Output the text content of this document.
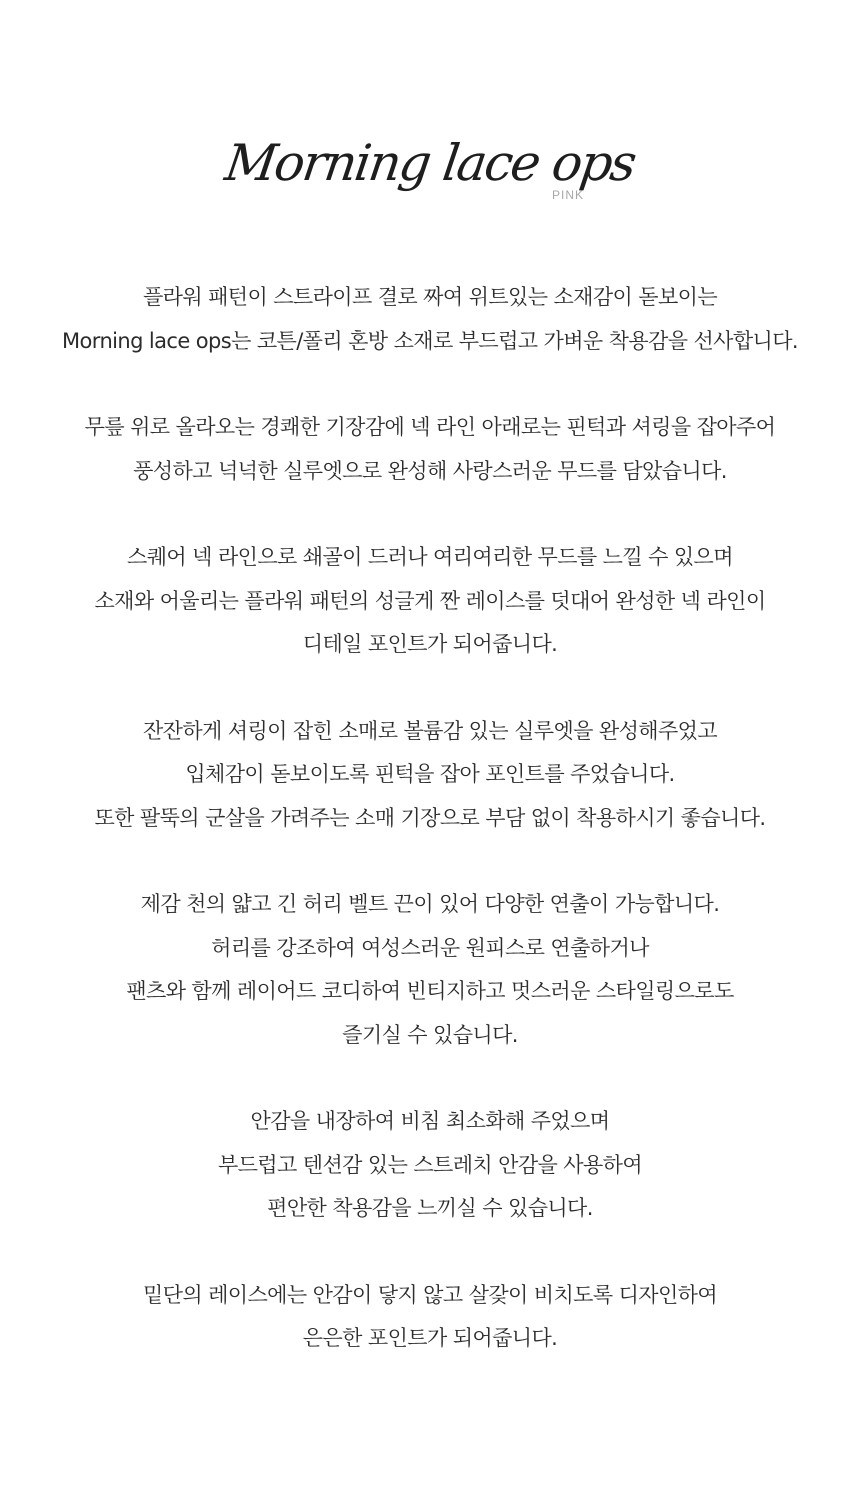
Morning lace ops
PINK
플라워 패턴이 스트라이프 결로 짜여 위트있는 소재감이 돋보이는
Morning lace ops는 코튼/폴리 혼방 소재로 부드럽고 가벼운 착용감을 선사합니다.
무릎 위로 올라오는 경쾌한 기장감에 넥 라인 아래로는 핀턱과 셔링을 잡아주어
풍성하고 넉넉한 실루엣으로 완성해 사랑스러운 무드를 담았습니다.
스퀘어 넥 라인으로 쇄골이 드러나 여리여리한 무드를 느낄 수 있으며
소재와 어울리는 플라워 패턴의 성글게 짠 레이스를 덧대어 완성한 넥 라인이
디테일 포인트가 되어줍니다.
잔잔하게 셔링이 잡힌 소매로 볼륨감 있는 실루엣을 완성해주었고
입체감이 돋보이도록 핀턱을 잡아 포인트를 주었습니다.
또한 팔뚝의 군살을 가려주는 소매 기장으로 부담 없이 착용하시기 좋습니다.
제감 천의 얇고 긴 허리 벨트 끈이 있어 다양한 연출이 가능합니다.
허리를 강조하여 여성스러운 원피스로 연출하거나
팬츠와 함께 레이어드 코디하여 빈티지하고 멋스러운 스타일링으로도
즐기실 수 있습니다.
안감을 내장하여 비침 최소화해 주었으며
부드럽고 텐션감 있는 스트레치 안감을 사용하여
편안한 착용감을 느끼실 수 있습니다.
밑단의 레이스에는 안감이 닿지 않고 살갗이 비치도록 디자인하여
은은한 포인트가 되어줍니다.
